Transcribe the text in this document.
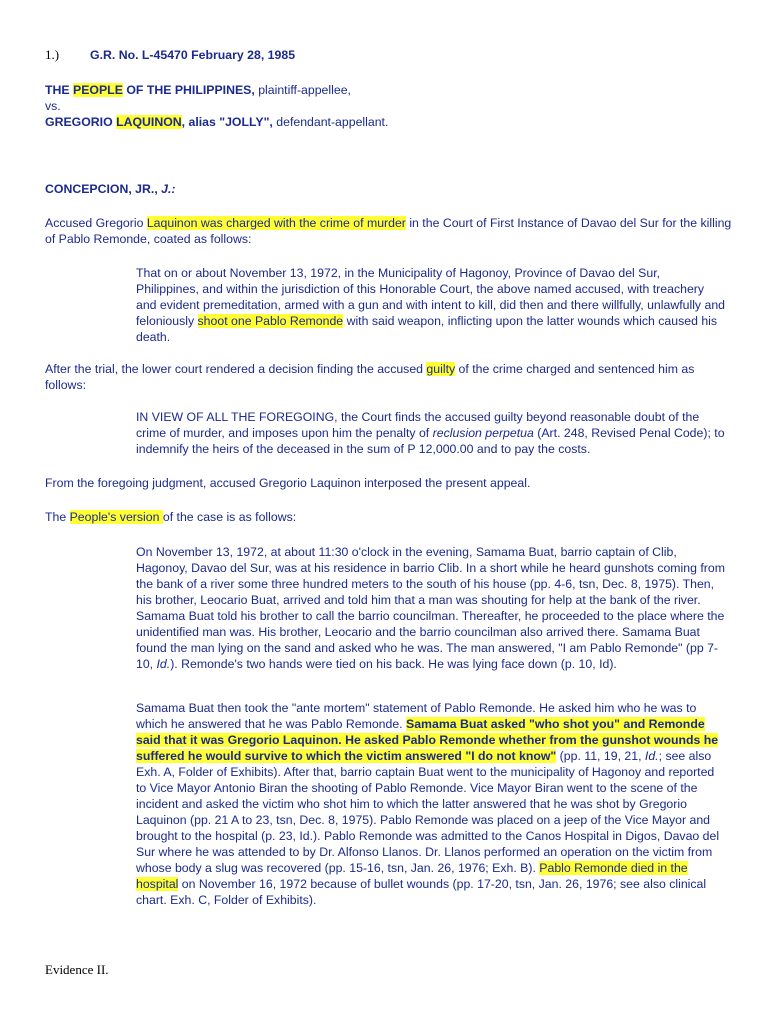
1.)	G.R. No. L-45470 February 28, 1985

THE PEOPLE OF THE PHILIPPINES, plaintiff-appellee,

vs.

GREGORIO LAQUINON, alias "JOLLY", defendant-appellant.

CONCEPCION, JR., J.:

Accused Gregorio Laquinon was charged with the crime of murder in the Court of First Instance of Davao del Sur for the killing of Pablo Remonde, coated as follows:

That on or about November 13, 1972, in the Municipality of Hagonoy, Province of Davao del Sur, Philippines, and within the jurisdiction of this Honorable Court, the above named accused, with treachery and evident premeditation, armed with a gun and with intent to kill, did then and there willfully, unlawfully and feloniously shoot one Pablo Remonde with said weapon, inflicting upon the latter wounds which caused his death.

After the trial, the lower court rendered a decision finding the accused guilty of the crime charged and sentenced him as follows:

IN VIEW OF ALL THE FOREGOING, the Court finds the accused guilty beyond reasonable doubt of the crime of murder, and imposes upon him the penalty of reclusion perpetua (Art. 248, Revised Penal Code); to indemnify the heirs of the deceased in the sum of P 12,000.00 and to pay the costs.

From the foregoing judgment, accused Gregorio Laquinon interposed the present appeal.

The People's version of the case is as follows:

On November 13, 1972, at about 11:30 o'clock in the evening, Samama Buat, barrio captain of Clib, Hagonoy, Davao del Sur, was at his residence in barrio Clib. In a short while he heard gunshots coming from the bank of a river some three hundred meters to the south of his house (pp. 4-6, tsn, Dec. 8, 1975). Then, his brother, Leocario Buat, arrived and told him that a man was shouting for help at the bank of the river. Samama Buat told his brother to call the barrio councilman. Thereafter, he proceeded to the place where the unidentified man was. His brother, Leocario and the barrio councilman also arrived there. Samama Buat found the man lying on the sand and asked who he was. The man answered, "I am Pablo Remonde" (pp 7-10, Id.). Remonde's two hands were tied on his back. He was lying face down (p. 10, Id).

Samama Buat then took the "ante mortem" statement of Pablo Remonde. He asked him who he was to which he answered that he was Pablo Remonde. Samama Buat asked "who shot you" and Remonde said that it was Gregorio Laquinon. He asked Pablo Remonde whether from the gunshot wounds he suffered he would survive to which the victim answered "I do not know" (pp. 11, 19, 21, Id.; see also Exh. A, Folder of Exhibits). After that, barrio captain Buat went to the municipality of Hagonoy and reported to Vice Mayor Antonio Biran the shooting of Pablo Remonde. Vice Mayor Biran went to the scene of the incident and asked the victim who shot him to which the latter answered that he was shot by Gregorio Laquinon (pp. 21 A to 23, tsn, Dec. 8, 1975). Pablo Remonde was placed on a jeep of the Vice Mayor and brought to the hospital (p. 23, Id.). Pablo Remonde was admitted to the Canos Hospital in Digos, Davao del Sur where he was attended to by Dr. Alfonso Llanos. Dr. Llanos performed an operation on the victim from whose body a slug was recovered (pp. 15-16, tsn, Jan. 26, 1976; Exh. B). Pablo Remonde died in the hospital on November 16, 1972 because of bullet wounds (pp. 17-20, tsn, Jan. 26, 1976; see also clinical chart. Exh. C, Folder of Exhibits).

Evidence II.
